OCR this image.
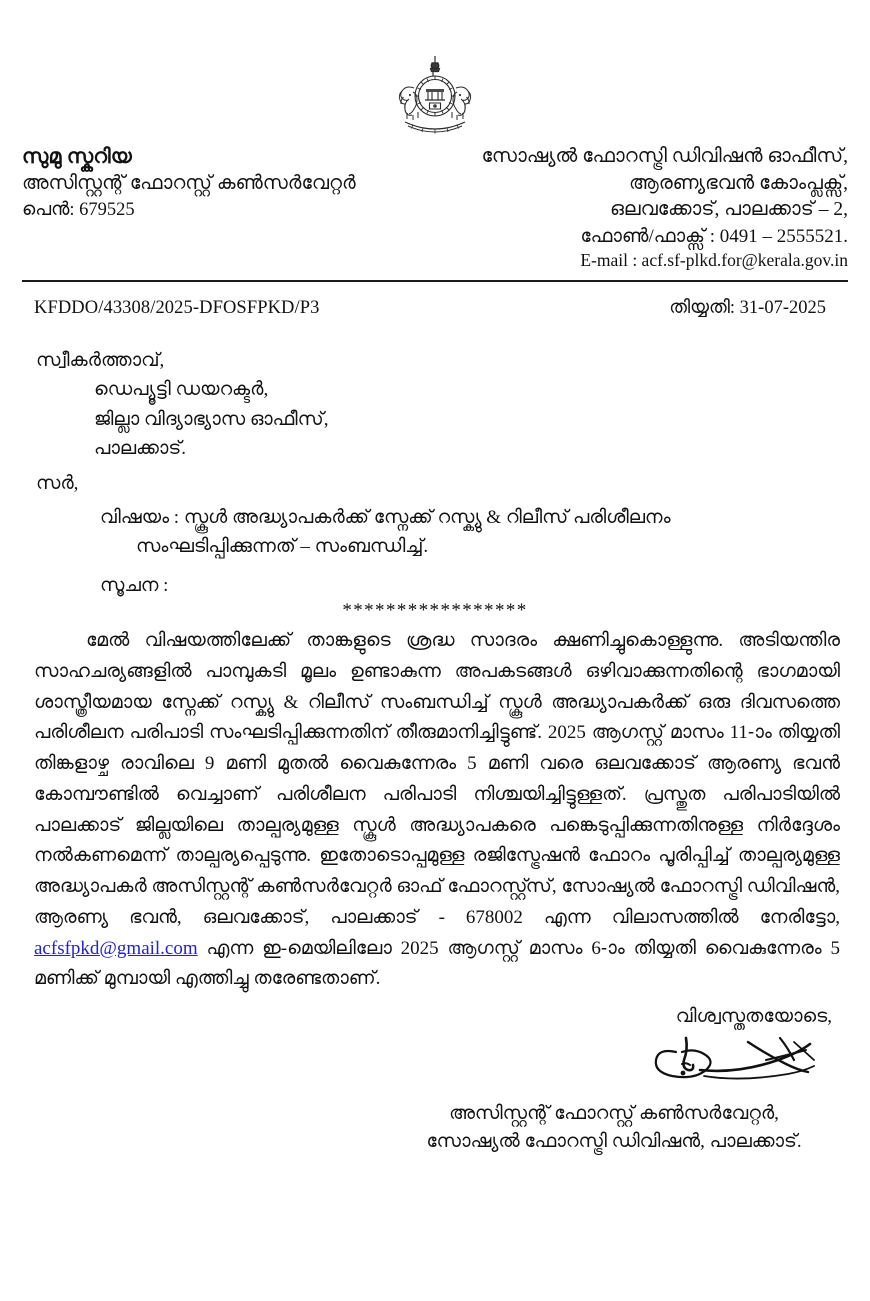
സുമു സ്കറിയ
അസിസ്റ്റന്റ് ഫോറസ്റ്റ് കൺസർവേറ്റർ
പെൻ: 679525
സോഷ്യൽ ഫോറസ്ട്രി ഡിവിഷൻ ഓഫീസ്,
ആരണ്യഭവൻ കോംപ്ലക്സ്,
ഒലവക്കോട്, പാലക്കാട് – 2,
ഫോൺ/ഫാക്സ് : 0491 – 2555521.
E-mail : acf.sf-plkd.for@kerala.gov.in
KFDDO/43308/2025-DFOSFPKD/P3	തിയ്യതി: 31-07-2025
സ്വീകർത്താവ്,
ഡെപ്യൂട്ടി ഡയറക്ടർ,
ജില്ലാ വിദ്യാഭ്യാസ ഓഫീസ്,
പാലക്കാട്.
സർ,
വിഷയം : സ്കൂൾ അദ്ധ്യാപകർക്ക് സ്നേക്ക് റസ്ക്യു & റിലീസ് പരിശീലനം
സംഘടിപ്പിക്കുന്നത് – സംബന്ധിച്ച്.
സൂചന :
*****************
മേൽ വിഷയത്തിലേക്ക് താങ്കളുടെ ശ്രദ്ധ സാദരം ക്ഷണിച്ചുകൊള്ളുന്നു. അടിയന്തിര സാഹചര്യങ്ങളിൽ പാമ്പുകടി മൂലം ഉണ്ടാകുന്ന അപകടങ്ങൾ ഒഴിവാക്കുന്നതിന്റെ ഭാഗമായി ശാസ്ത്രീയമായ സ്നേക്ക് റസ്ക്യു & റിലീസ് സംബന്ധിച്ച് സ്കൂൾ അദ്ധ്യാപകർക്ക് ഒരു ദിവസത്തെ പരിശീലന പരിപാടി സംഘടിപ്പിക്കുന്നതിന് തീരുമാനിച്ചിട്ടുണ്ട്. 2025 ആഗസ്റ്റ് മാസം 11-ാം തിയ്യതി തിങ്കളാഴ്ച രാവിലെ 9 മണി മുതൽ വൈകുന്നേരം 5 മണി വരെ ഒലവക്കോട് ആരണ്യ ഭവൻ കോമ്പൗണ്ടിൽ വെച്ചാണ് പരിശീലന പരിപാടി നിശ്ചയിച്ചിട്ടുള്ളത്. പ്രസ്തുത പരിപാടിയിൽ പാലക്കാട് ജില്ലയിലെ താല്പര്യമുള്ള സ്കൂൾ അദ്ധ്യാപകരെ പങ്കെടുപ്പിക്കുന്നതിനുള്ള നിർദ്ദേശം നൽകണമെന്ന് താല്പര്യപ്പെടുന്നു. ഇതോടൊപ്പമുള്ള രജിസ്ട്രേഷൻ ഫോറം പൂരിപ്പിച്ച് താല്പര്യമുള്ള അദ്ധ്യാപകർ അസിസ്റ്റന്റ് കൺസർവേറ്റർ ഓഫ് ഫോറസ്റ്റ്സ്, സോഷ്യൽ ഫോറസ്ട്രി ഡിവിഷൻ, ആരണ്യ ഭവൻ, ഒലവക്കോട്, പാലക്കാട് - 678002 എന്ന വിലാസത്തിൽ നേരിട്ടോ, acfsfpkd@gmail.com എന്ന ഇ-മെയിലിലോ 2025 ആഗസ്റ്റ് മാസം 6-ാം തിയ്യതി വൈകുന്നേരം 5 മണിക്ക് മുമ്പായി എത്തിച്ചു തരേണ്ടതാണ്.
വിശ്വസ്തതയോടെ,
അസിസ്റ്റന്റ് ഫോറസ്റ്റ് കൺസർവേറ്റർ,
സോഷ്യൽ ഫോറസ്ട്രി ഡിവിഷൻ, പാലക്കാട്.
